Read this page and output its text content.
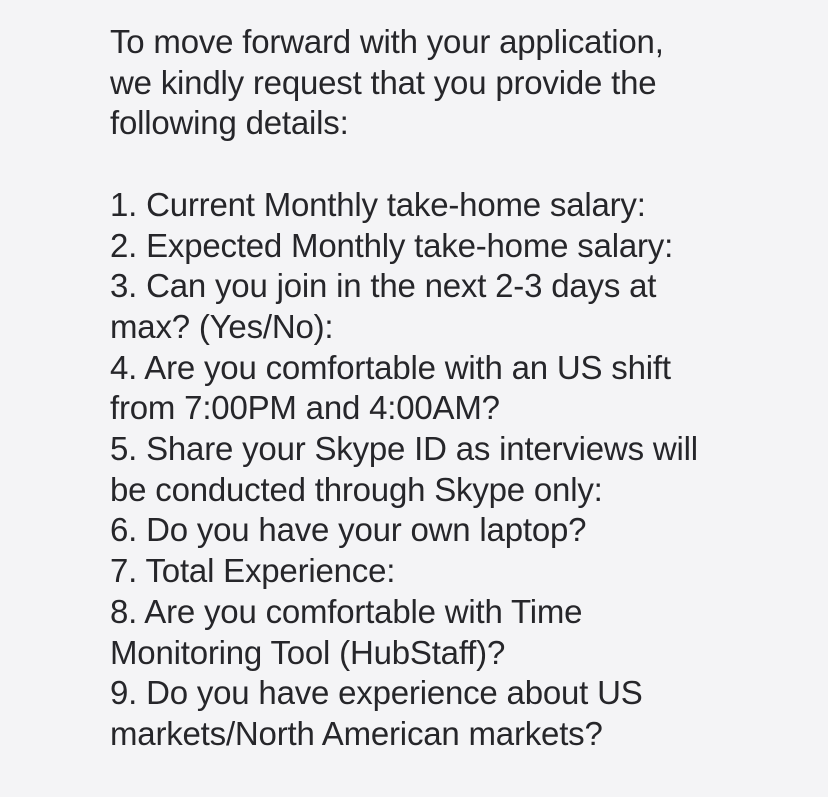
To move forward with your application,
we kindly request that you provide the
following details:
1. Current Monthly take-home salary:
2. Expected Monthly take-home salary:
3. Can you join in the next 2-3 days at
max? (Yes/No):
4. Are you comfortable with an US shift
from 7:00PM and 4:00AM?
5. Share your Skype ID as interviews will
be conducted through Skype only:
6. Do you have your own laptop?
7. Total Experience:
8. Are you comfortable with Time
Monitoring Tool (HubStaff)?
9. Do you have experience about US
markets/North American markets?
